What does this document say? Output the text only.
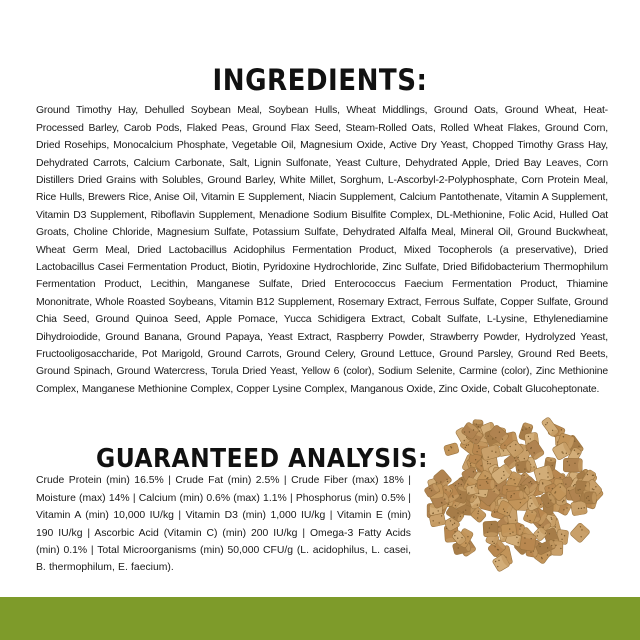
INGREDIENTS:

Ground Timothy Hay, Dehulled Soybean Meal, Soybean Hulls, Wheat Middlings, Ground Oats, Ground Wheat, Heat-Processed Barley, Carob Pods, Flaked Peas, Ground Flax Seed, Steam-Rolled Oats, Rolled Wheat Flakes, Ground Corn, Dried Rosehips, Monocalcium Phosphate, Vegetable Oil, Magnesium Oxide, Active Dry Yeast, Chopped Timothy Grass Hay, Dehydrated Carrots, Calcium Carbonate, Salt, Lignin Sulfonate, Yeast Culture, Dehydrated Apple, Dried Bay Leaves, Corn Distillers Dried Grains with Solubles, Ground Barley, White Millet, Sorghum, L-Ascorbyl-2-Polyphosphate, Corn Protein Meal, Rice Hulls, Brewers Rice, Anise Oil, Vitamin E Supplement, Niacin Supplement, Calcium Pantothenate, Vitamin A Supplement, Vitamin D3 Supplement, Riboflavin Supplement, Menadione Sodium Bisulfite Complex, DL-Methionine, Folic Acid, Hulled Oat Groats, Choline Chloride, Magnesium Sulfate, Potassium Sulfate, Dehydrated Alfalfa Meal, Mineral Oil, Ground Buckwheat, Wheat Germ Meal, Dried Lactobacillus Acidophilus Fermentation Product, Mixed Tocopherols (a preservative), Dried Lactobacillus Casei Fermentation Product, Biotin, Pyridoxine Hydrochloride, Zinc Sulfate, Dried Bifidobacterium Thermophilum Fermentation Product, Lecithin, Manganese Sulfate, Dried Enterococcus Faecium Fermentation Product, Thiamine Mononitrate, Whole Roasted Soybeans, Vitamin B12 Supplement, Rosemary Extract, Ferrous Sulfate, Copper Sulfate, Ground Chia Seed, Ground Quinoa Seed, Apple Pomace, Yucca Schidigera Extract, Cobalt Sulfate, L-Lysine, Ethylenediamine Dihydroiodide, Ground Banana, Ground Papaya, Yeast Extract, Raspberry Powder, Strawberry Powder, Hydrolyzed Yeast, Fructooligosaccharide, Pot Marigold, Ground Carrots, Ground Celery, Ground Lettuce, Ground Parsley, Ground Red Beets, Ground Spinach, Ground Watercress, Torula Dried Yeast, Yellow 6 (color), Sodium Selenite, Carmine (color), Zinc Methionine Complex, Manganese Methionine Complex, Copper Lysine Complex, Manganous Oxide, Zinc Oxide, Cobalt Glucoheptonate.

GUARANTEED ANALYSIS:

Crude Protein (min) 16.5% | Crude Fat (min) 2.5% | Crude Fiber (max) 18% | Moisture (max) 14% | Calcium (min) 0.6% (max) 1.1% | Phosphorus (min) 0.5% | Vitamin A (min) 10,000 IU/kg | Vitamin D3 (min) 1,000 IU/kg | Vitamin E (min) 190 IU/kg | Ascorbic Acid (Vitamin C) (min) 200 IU/kg | Omega-3 Fatty Acids (min) 0.1% | Total Microorganisms (min) 50,000 CFU/g (L. acidophilus, L. casei, B. thermophilum, E. faecium).
